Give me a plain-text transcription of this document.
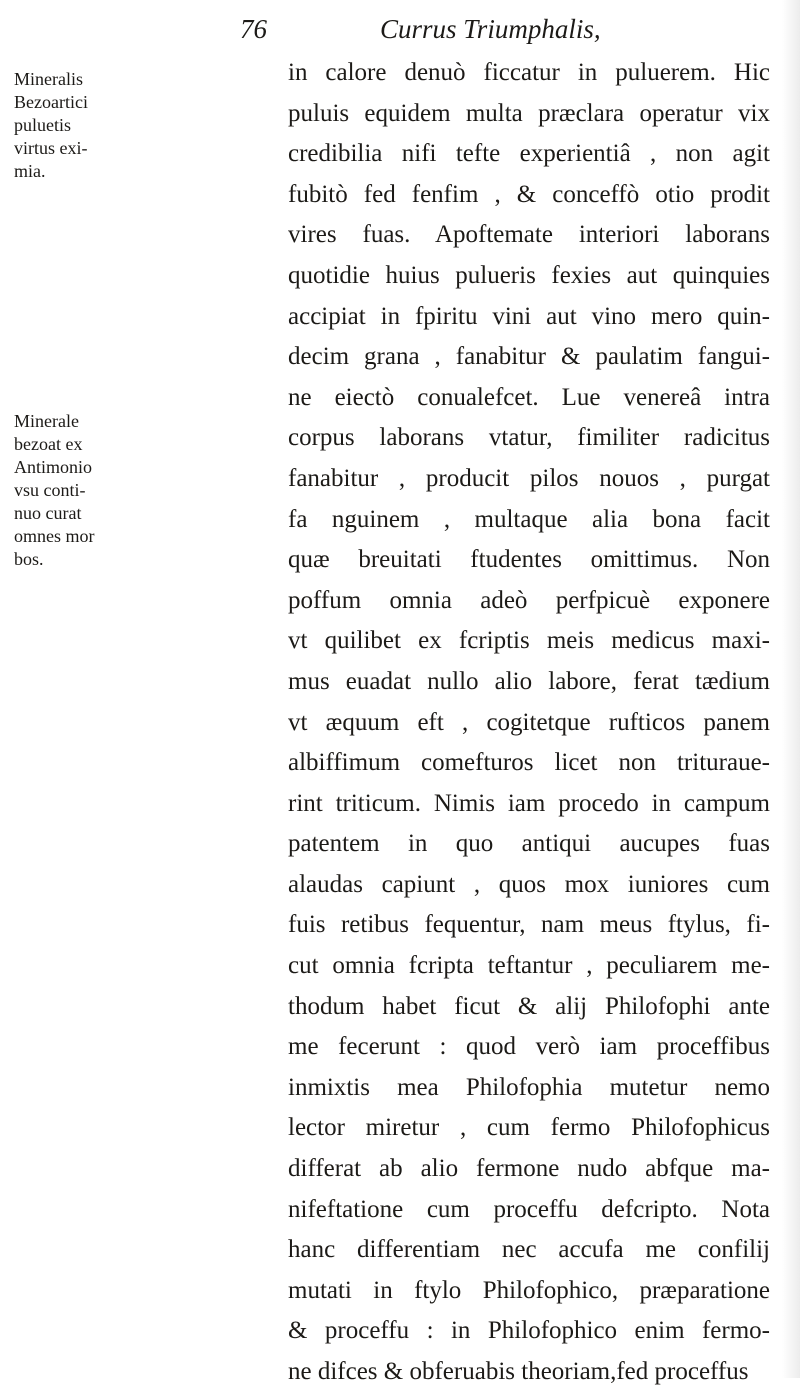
76	Currus Triumphalis,
Mineralis
Bezoartici
puluetis
virtus exi-
mia.
Minerale
bezoat ex
Antimonio
vsu conti-
nuo curat
omnes mor
bos.
in calore denuò ficcatur in puluerem. Hic
puluis equidem multa præclara operatur vix
credibilia nifi tefte experientiâ , non agit
fubitò fed fenfim , & conceffò otio prodit
vires fuas. Apoftemate interiori laborans
quotidie huius pulueris fexies aut quinquies
accipiat in fpiritu vini aut vino mero quin-
decim grana , fanabitur & paulatim fangui-
ne eiectò conualefcet. Lue venereâ intra
corpus laborans vtatur, fimiliter radicitus
fanabitur , producit pilos nouos , purgat
fa nguinem , multaque alia bona facit
quæ breuitati ftudentes omittimus. Non
poffum omnia adeò perfpicuè exponere
vt quilibet ex fcriptis meis medicus maxi-
mus euadat nullo alio labore, ferat tædium
vt æquum eft , cogitetque rufticos panem
albiffimum comefturos licet non trituraue-
rint triticum. Nimis iam procedo in campum
patentem in quo antiqui aucupes fuas
alaudas capiunt , quos mox iuniores cum
fuis retibus fequentur, nam meus ftylus, fi-
cut omnia fcripta teftantur , peculiarem me-
thodum habet ficut & alij Philofophi ante
me fecerunt : quod verò iam proceffibus
inmixtis mea Philofophia mutetur nemo
lector miretur , cum fermo Philofophicus
differat ab alio fermone nudo abfque ma-
nifeftatione cum proceffu defcripto. Nota
hanc differentiam nec accufa me confilij
mutati in ftylo Philofophico, præparatione
& proceffu : in Philofophico enim fermo-
ne difces & obferuabis theoriam,fed proceffus
